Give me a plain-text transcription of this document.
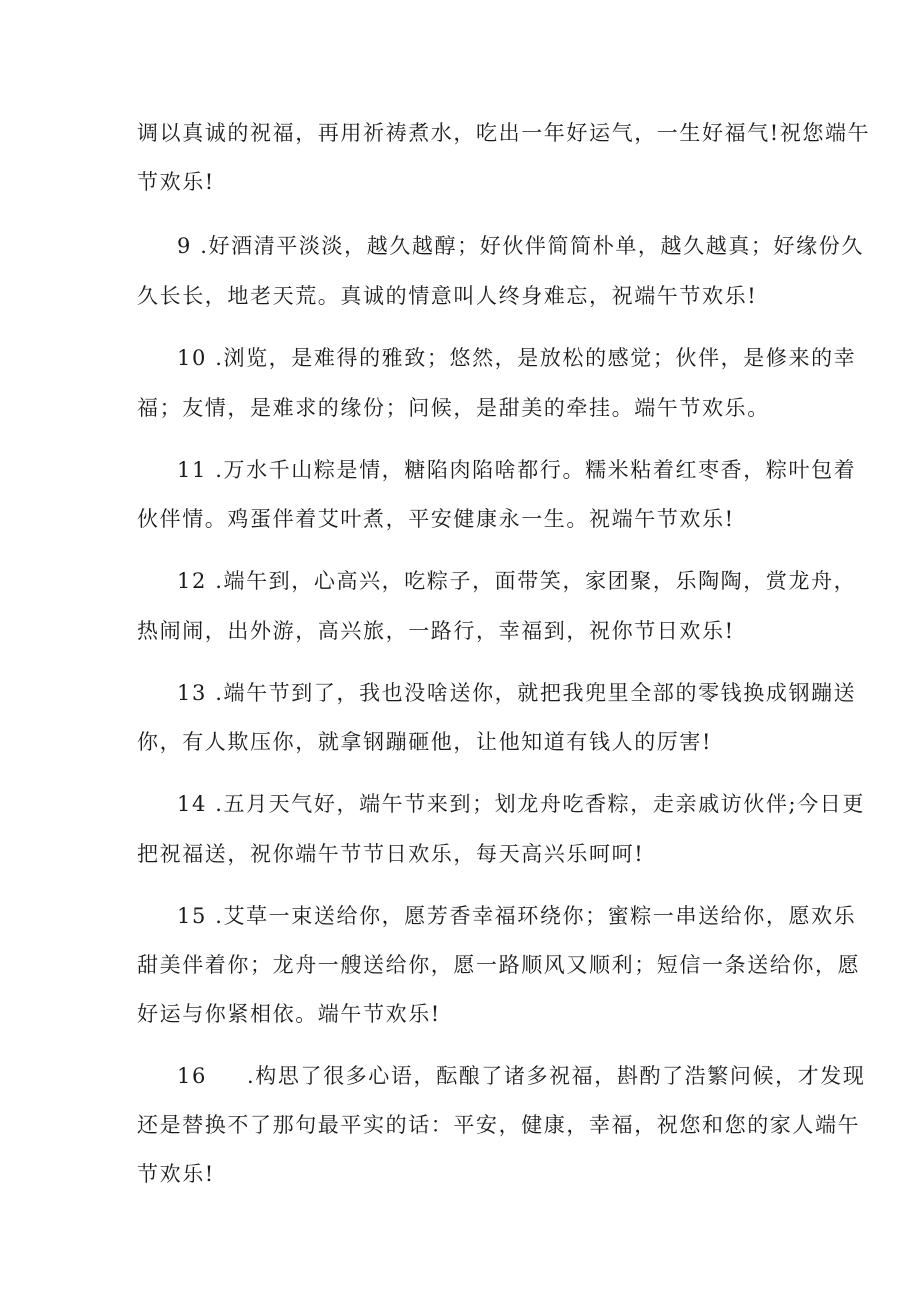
调以真诚的祝福，再用祈祷煮水，吃出一年好运气，一生好福气!祝您端午
节欢乐!
9 .好酒清平淡淡，越久越醇；好伙伴简简朴单，越久越真；好缘份久
久长长，地老天荒。真诚的情意叫人终身难忘，祝端午节欢乐!
10 .浏览，是难得的雅致；悠然，是放松的感觉；伙伴，是修来的幸
福；友情，是难求的缘份；问候，是甜美的牵挂。端午节欢乐。
11 .万水千山粽是情，糖陷肉陷啥都行。糯米粘着红枣香，粽叶包着
伙伴情。鸡蛋伴着艾叶煮，平安健康永一生。祝端午节欢乐!
12 .端午到，心高兴，吃粽子，面带笑，家团聚，乐陶陶，赏龙舟，
热闹闹，出外游，高兴旅，一路行，幸福到，祝你节日欢乐!
13 .端午节到了，我也没啥送你，就把我兜里全部的零钱换成钢蹦送
你，有人欺压你，就拿钢蹦砸他，让他知道有钱人的厉害!
14 .五月天气好，端午节来到；划龙舟吃香粽，走亲戚访伙伴;今日更
把祝福送，祝你端午节节日欢乐，每天高兴乐呵呵!
15 .艾草一束送给你，愿芳香幸福环绕你；蜜粽一串送给你，愿欢乐
甜美伴着你；龙舟一艘送给你，愿一路顺风又顺利；短信一条送给你，愿
好运与你紧相依。端午节欢乐!
16 .构思了很多心语，酝酿了诸多祝福，斟酌了浩繁问候，才发现
还是替换不了那句最平实的话：平安，健康，幸福，祝您和您的家人端午
节欢乐!
